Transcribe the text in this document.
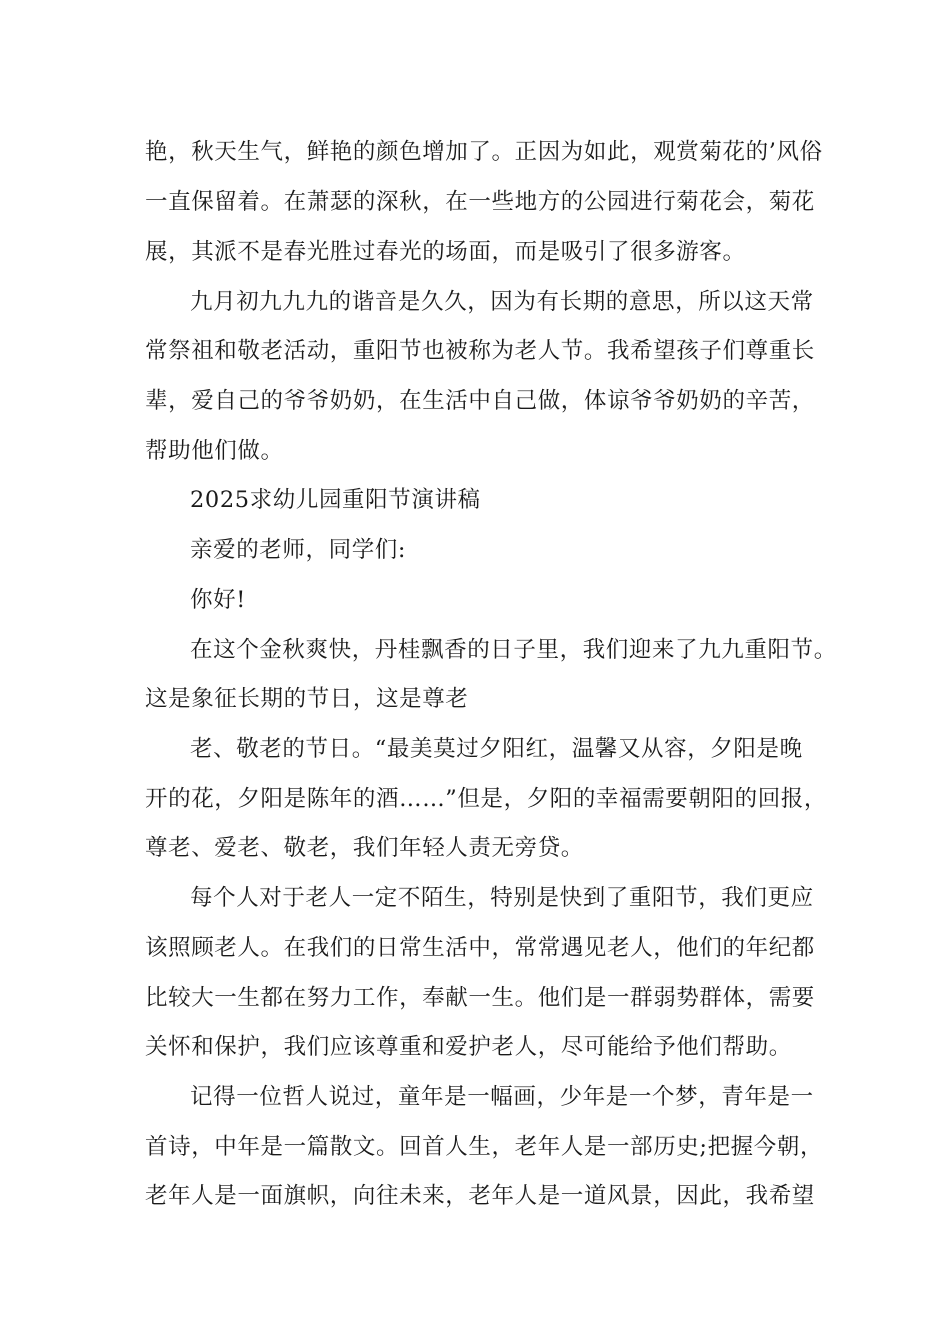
艳，秋天生气，鲜艳的颜色增加了。正因为如此，观赏菊花的’风俗
一直保留着。在萧瑟的深秋，在一些地方的公园进行菊花会，菊花
展，其派不是春光胜过春光的场面，而是吸引了很多游客。
九月初九九九的谐音是久久，因为有长期的意思，所以这天常
常祭祖和敬老活动，重阳节也被称为老人节。我希望孩子们尊重长
辈，爱自己的爷爷奶奶，在生活中自己做，体谅爷爷奶奶的辛苦，
帮助他们做。
2025求幼儿园重阳节演讲稿
亲爱的老师，同学们:
你好!
在这个金秋爽快，丹桂飘香的日子里，我们迎来了九九重阳节。
这是象征长期的节日，这是尊老
老、敬老的节日。“最美莫过夕阳红，温馨又从容，夕阳是晚
开的花，夕阳是陈年的酒……”但是，夕阳的幸福需要朝阳的回报，
尊老、爱老、敬老，我们年轻人责无旁贷。
每个人对于老人一定不陌生，特别是快到了重阳节，我们更应
该照顾老人。在我们的日常生活中，常常遇见老人，他们的年纪都
比较大一生都在努力工作，奉献一生。他们是一群弱势群体，需要
关怀和保护，我们应该尊重和爱护老人，尽可能给予他们帮助。
记得一位哲人说过，童年是一幅画，少年是一个梦，青年是一
首诗，中年是一篇散文。回首人生，老年人是一部历史;把握今朝，
老年人是一面旗帜，向往未来，老年人是一道风景，因此，我希望
